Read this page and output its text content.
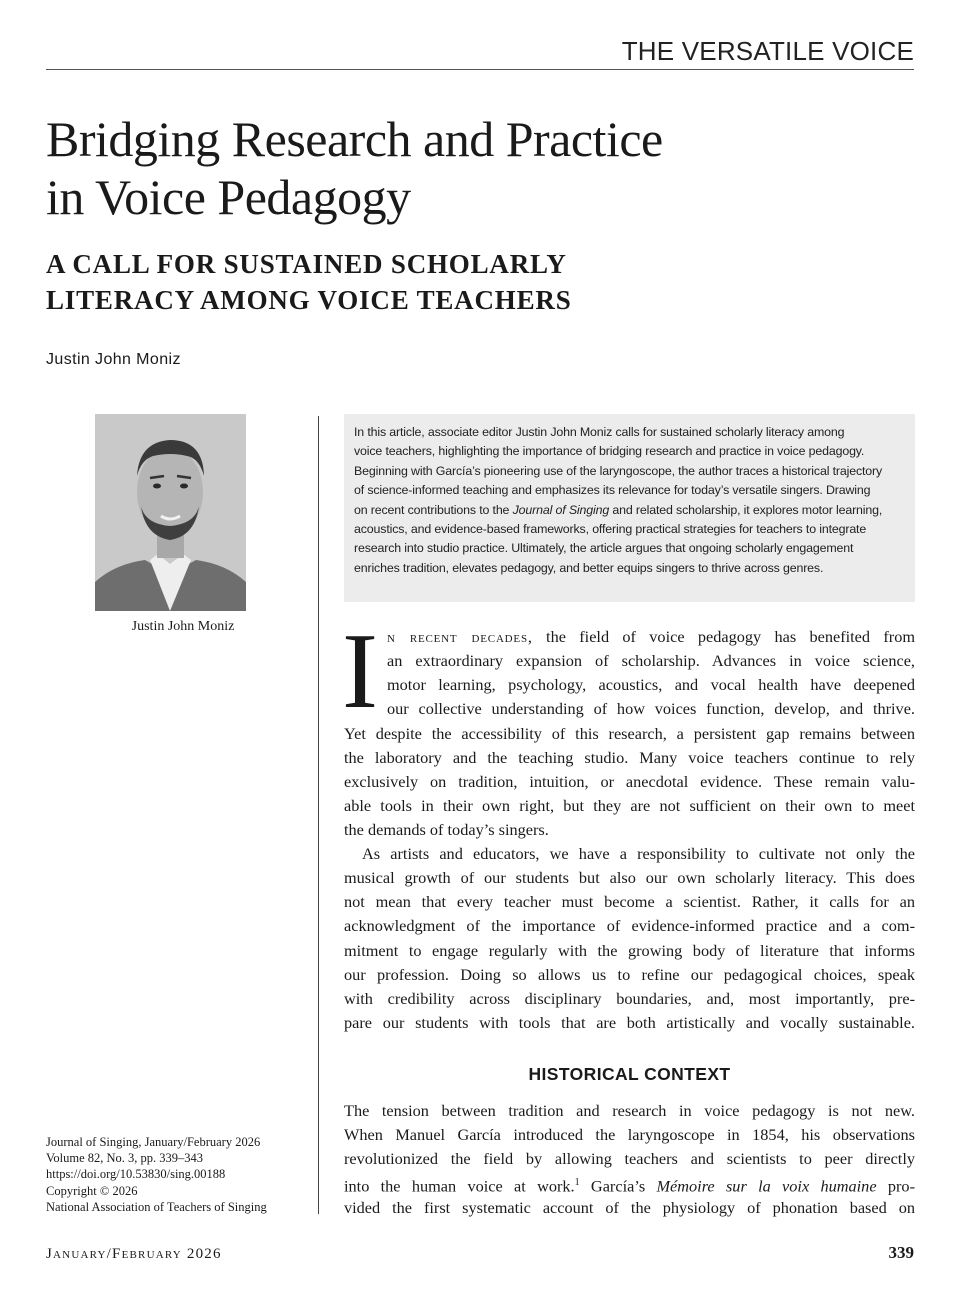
THE VERSATILE VOICE
Bridging Research and Practice
in Voice Pedagogy
A CALL FOR SUSTAINED SCHOLARLY
LITERACY AMONG VOICE TEACHERS
Justin John Moniz
Justin John Moniz
Journal of Singing, January/February 2026
Volume 82, No. 3, pp. 339–343
https://doi.org/10.53830/sing.00188
Copyright © 2026
National Association of Teachers of Singing
In this article, associate editor Justin John Moniz calls for sustained scholarly literacy among
voice teachers, highlighting the importance of bridging research and practice in voice pedagogy.
Beginning with García’s pioneering use of the laryngoscope, the author traces a historical trajectory
of science-informed teaching and emphasizes its relevance for today’s versatile singers. Drawing
on recent contributions to the Journal of Singing and related scholarship, it explores motor learning,
acoustics, and evidence-based frameworks, offering practical strategies for teachers to integrate
research into studio practice. Ultimately, the article argues that ongoing scholarly engagement
enriches tradition, elevates pedagogy, and better equips singers to thrive across genres.
I n recent decades, the field of voice pedagogy has benefited from
an extraordinary expansion of scholarship. Advances in voice science,
motor learning, psychology, acoustics, and vocal health have deepened
our collective understanding of how voices function, develop, and thrive.
Yet despite the accessibility of this research, a persistent gap remains between
the laboratory and the teaching studio. Many voice teachers continue to rely
exclusively on tradition, intuition, or anecdotal evidence. These remain valu-
able tools in their own right, but they are not sufficient on their own to meet
the demands of today’s singers.
As artists and educators, we have a responsibility to cultivate not only the
musical growth of our students but also our own scholarly literacy. This does
not mean that every teacher must become a scientist. Rather, it calls for an
acknowledgment of the importance of evidence-informed practice and a com-
mitment to engage regularly with the growing body of literature that informs
our profession. Doing so allows us to refine our pedagogical choices, speak
with credibility across disciplinary boundaries, and, most importantly, pre-
pare our students with tools that are both artistically and vocally sustainable.
HISTORICAL CONTEXT
The tension between tradition and research in voice pedagogy is not new.
When Manuel García introduced the laryngoscope in 1854, his observations
revolutionized the field by allowing teachers and scientists to peer directly
into the human voice at work.$^1$ García’s Mémoire sur la voix humaine pro-
vided the first systematic account of the physiology of phonation based on
January/February 2026	339
